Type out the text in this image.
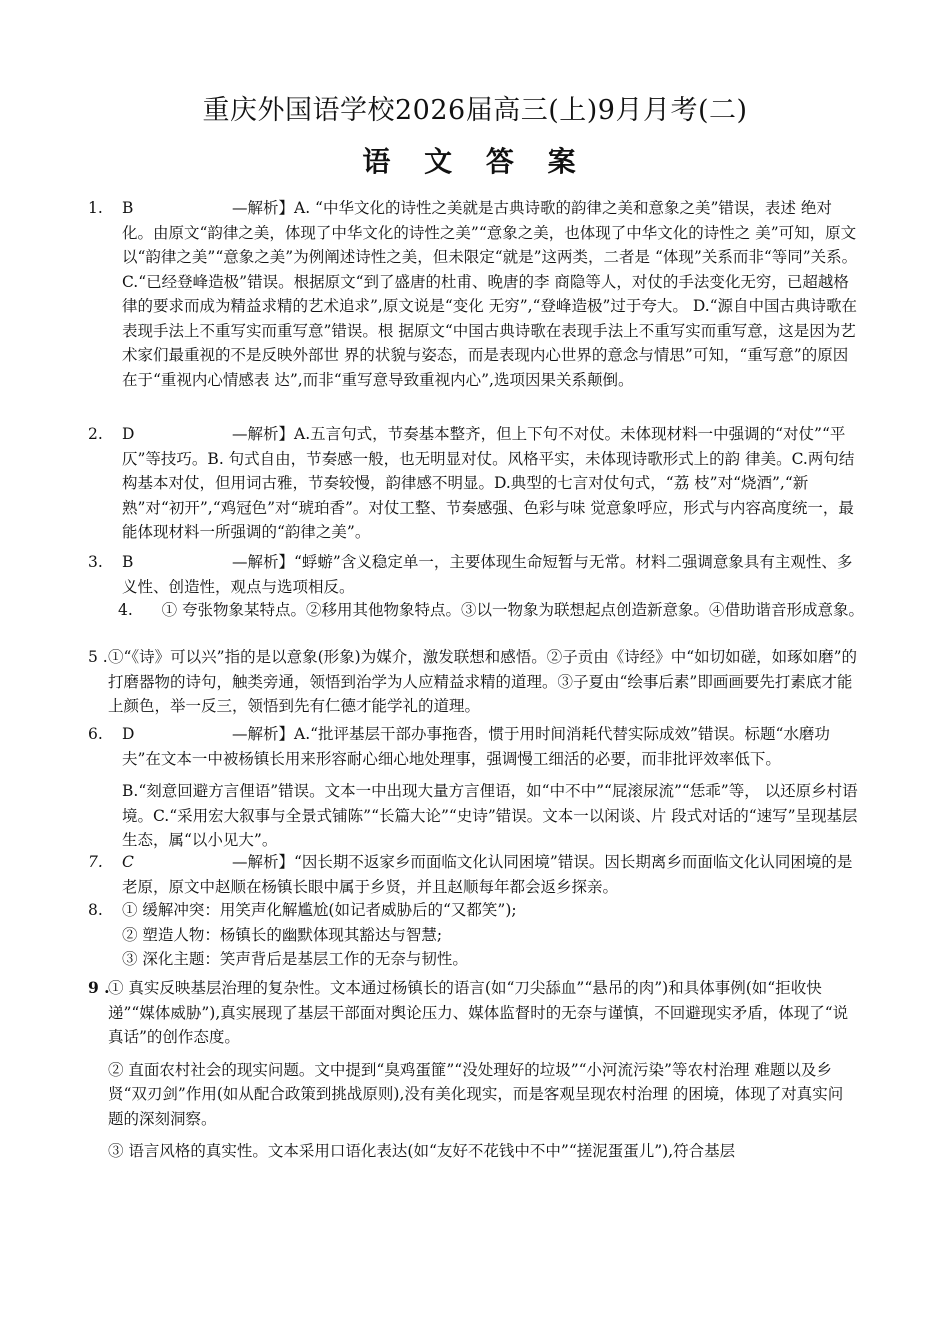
重庆外国语学校2026届高三(上)9月月考(二)
语 文 答 案
1. B	—解析】A. “中华文化的诗性之美就是古典诗歌的韵律之美和意象之美”错误，表述 绝对化。由原文“韵律之美，体现了中华文化的诗性之美”“意象之美，也体现了中华文化的诗性之 美”可知，原文以“韵律之美”“意象之美”为例阐述诗性之美，但未限定“就是”这两类，二者是 “体现”关系而非“等同”关系。C.“已经登峰造极”错误。根据原文“到了盛唐的杜甫、晚唐的李 商隐等人，对仗的手法变化无穷，已超越格律的要求而成为精益求精的艺术追求”,原文说是“变化 无穷”,“登峰造极”过于夸大。 D.“源自中国古典诗歌在表现手法上不重写实而重写意”错误。根 据原文“中国古典诗歌在表现手法上不重写实而重写意，这是因为艺术家们最重视的不是反映外部世 界的状貌与姿态，而是表现内心世界的意念与情思”可知，“重写意”的原因在于“重视内心情感表 达”,而非“重写意导致重视内心”,选项因果关系颠倒。
2. D	—解析】A.五言句式，节奏基本整齐，但上下句不对仗。未体现材料一中强调的“对仗”“平仄”等技巧。B. 句式自由，节奏感一般，也无明显对仗。风格平实，未体现诗歌形式上的韵 律美。C.两句结构基本对仗，但用词古雅，节奏较慢，韵律感不明显。D.典型的七言对仗句式，“荔 枝”对“烧酒”,“新熟”对“初开”,“鸡冠色”对“琥珀香”。对仗工整、节奏感强、色彩与味 觉意象呼应，形式与内容高度统一，最能体现材料一所强调的“韵律之美”。
3. B	—解析】“蜉蝣”含义稳定单一，主要体现生命短暂与无常。材料二强调意象具有主观性、多义性、创造性，观点与选项相反。
4.	① 夸张物象某特点。②移用其他物象特点。③以一物象为联想起点创造新意象。④借助谐音形成意象。
5 . ①“《诗》可以兴”指的是以意象(形象)为媒介，激发联想和感悟。②子贡由《诗经》中“如切如磋，如琢如磨”的打磨器物的诗句，触类旁通，领悟到治学为人应精益求精的道理。③子夏由“绘事后素”即画画要先打素底才能上颜色，举一反三，领悟到先有仁德才能学礼的道理。
6. D	—解析】A.“批评基层干部办事拖沓，惯于用时间消耗代替实际成效”错误。标题“水磨功夫”在文本一中被杨镇长用来形容耐心细心地处理事，强调慢工细活的必要，而非批评效率低下。
B.“刻意回避方言俚语”错误。文本一中出现大量方言俚语，如“中不中”“屁滚尿流”“恁乖”等， 以还原乡村语境。C.“采用宏大叙事与全景式铺陈”“长篇大论”“史诗”错误。文本一以闲谈、片 段式对话的“速写”呈现基层生态，属“以小见大”。
7. C	—解析】“因长期不返家乡而面临文化认同困境”错误。因长期离乡而面临文化认同困境的是老原，原文中赵顺在杨镇长眼中属于乡贤，并且赵顺每年都会返乡探亲。
8. ① 缓解冲突：用笑声化解尴尬(如记者威胁后的“又都笑”);
② 塑造人物：杨镇长的幽默体现其豁达与智慧;
③ 深化主题：笑声背后是基层工作的无奈与韧性。
9 .
① 真实反映基层治理的复杂性。文本通过杨镇长的语言(如“刀尖舔血”“悬吊的肉”)和具体事例(如“拒收快递”“媒体威胁”),真实展现了基层干部面对舆论压力、媒体监督时的无奈与谨慎，不回避现实矛盾，体现了“说真话”的创作态度。
② 直面农村社会的现实问题。文中提到“臭鸡蛋篚”“没处理好的垃圾”“小河流污染”等农村治理 难题以及乡贤“双刃剑”作用(如从配合政策到挑战原则),没有美化现实，而是客观呈现农村治理 的困境，体现了对真实问题的深刻洞察。
③ 语言风格的真实性。文本采用口语化表达(如“友好不花钱中不中”“搓泥蛋蛋儿”),符合基层
